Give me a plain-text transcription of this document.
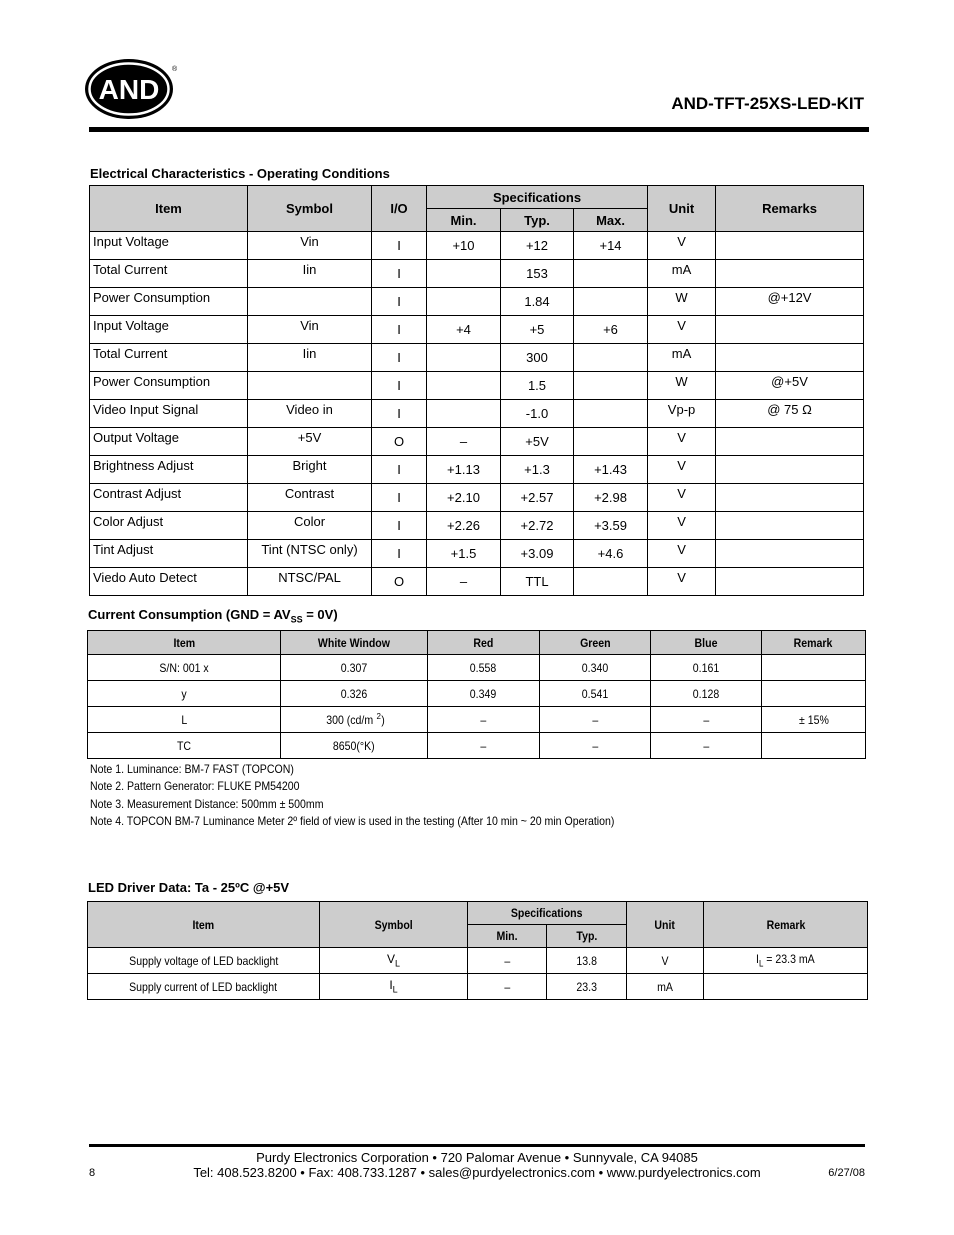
AND
®
AND-TFT-25XS-LED-KIT
Electrical Characteristics - Operating Conditions
Item	Symbol	I/O	Specifications			Unit	Remarks
			Min.	Typ.	Max.		
Input Voltage	Vin	I	+10	+12	+14	V	
Total Current	Iin	I		153		mA	
Power Consumption		I		1.84		W	@+12V
Input Voltage	Vin	I	+4	+5	+6	V	
Total Current	Iin	I		300		mA	
Power Consumption		I		1.5		W	@+5V
Video Input Signal	Video in	I		-1.0		Vp-p	@ 75 Ω
Output Voltage	+5V	O	–	+5V		V	
Brightness Adjust	Bright	I	+1.13	+1.3	+1.43	V	
Contrast Adjust	Contrast	I	+2.10	+2.57	+2.98	V	
Color Adjust	Color	I	+2.26	+2.72	+3.59	V	
Tint Adjust	Tint (NTSC only)	I	+1.5	+3.09	+4.6	V	
Viedo Auto Detect	NTSC/PAL	O	–	TTL		V	
Current Consumption $(GND = AV_{SS} = 0V)$
Item	White Window	Red	Green	Blue	Remark
S/N: 001 x	0.307	0.558	0.340	0.161	
y	0.326	0.349	0.541	0.128	
L	300 (cd/m $^2$)	–	–	–	± 15%
TC	8650(°K)	–	–	–	
Note 1. Luminance: BM-7 FAST (TOPCON)
Note 2. Pattern Generator: FLUKE PM54200
Note 3. Measurement Distance: 500mm ± 500mm
Note 4. TOPCON BM-7 Luminance Meter 2º field of view is used in the testing (After 10 min ~ 20 min Operation)
LED Driver Data: Ta - 25ºC @+5V
Item	Symbol	Specifications		Unit	Remark
		Min.	Typ.		
Supply voltage of LED backlight	$V_L$	–	13.8	V	$I_L = 23.3$ mA
Supply current of LED backlight	$I_L$	–	23.3	mA	
Purdy Electronics Corporation • 720 Palomar Avenue • Sunnyvale, CA 94085
Tel: 408.523.8200 • Fax: 408.733.1287 • sales@purdyelectronics.com • www.purdyelectronics.com
8	6/27/08
